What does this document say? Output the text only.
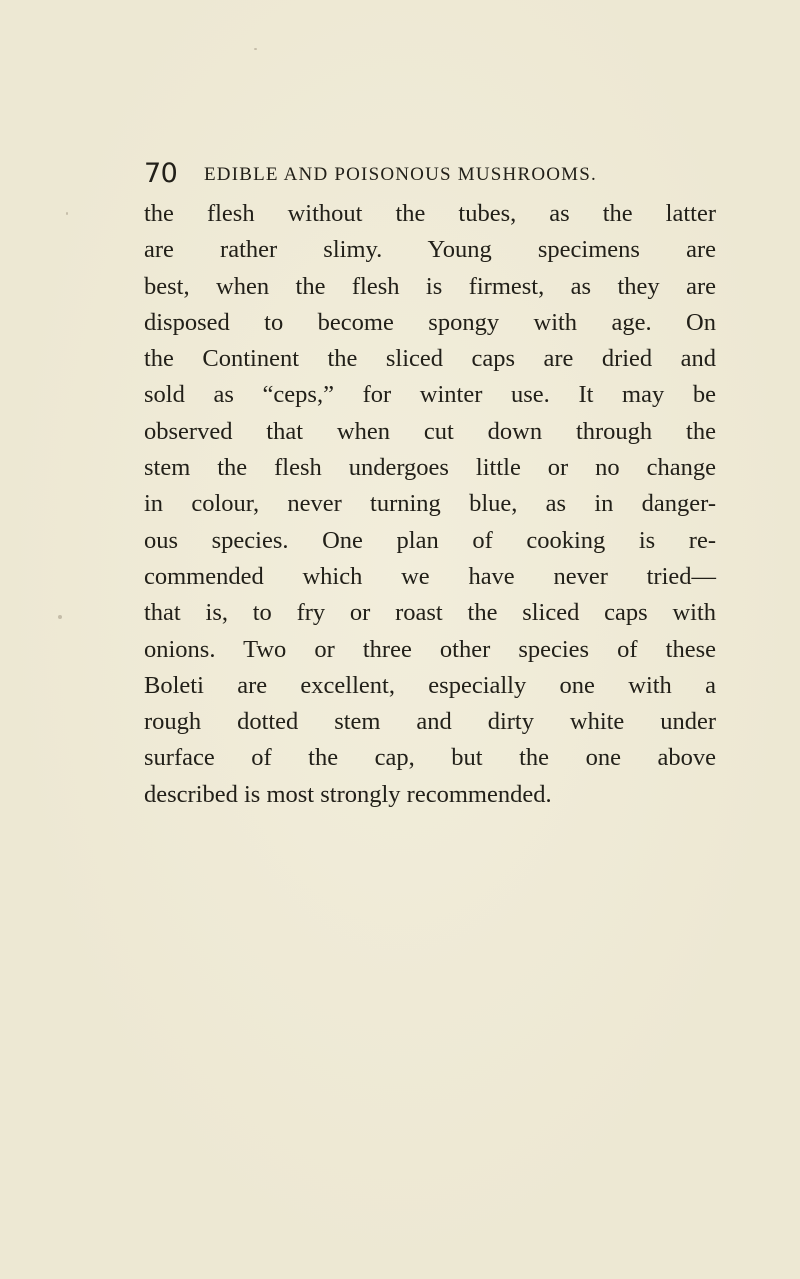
70 EDIBLE AND POISONOUS MUSHROOMS.
the flesh without the tubes, as the latter
are rather slimy. Young specimens are
best, when the flesh is firmest, as they are
disposed to become spongy with age. On
the Continent the sliced caps are dried and
sold as “ceps,” for winter use. It may be
observed that when cut down through the
stem the flesh undergoes little or no change
in colour, never turning blue, as in danger-
ous species. One plan of cooking is re-
commended which we have never tried—
that is, to fry or roast the sliced caps with
onions. Two or three other species of these
Boleti are excellent, especially one with a
rough dotted stem and dirty white under
surface of the cap, but the one above
described is most strongly recommended.
